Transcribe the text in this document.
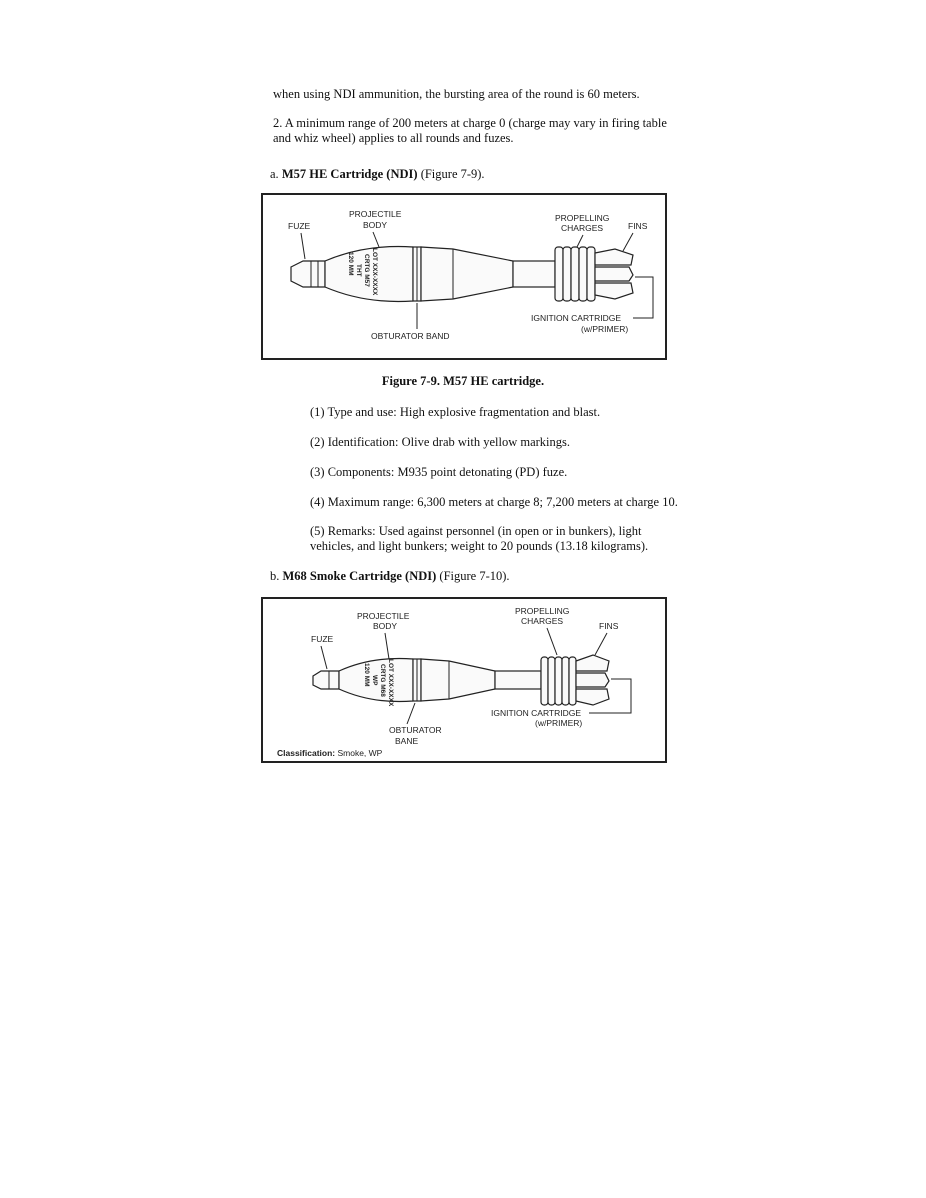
when using NDI ammunition, the bursting area of the round is 60 meters.

2. A minimum range of 200 meters at charge 0 (charge may vary in firing table

and whiz wheel) applies to all rounds and fuzes.

a. M57 HE Cartridge (NDI) (Figure 7-9).

120 MM THT CRTG M57 LOT XXX-XXXX
FUZE
PROJECTILE
BODY
PROPELLING
CHARGES	FINS
IGNITION CARTRIDGE
(w/PRIMER)
OBTURATOR BAND
Figure 7-9. M57 HE cartridge.

(1) Type and use: High explosive fragmentation and blast.

(2) Identification: Olive drab with yellow markings.

(3) Components: M935 point detonating (PD) fuze.

(4) Maximum range: 6,300 meters at charge 8; 7,200 meters at charge 10.

(5) Remarks: Used against personnel (in open or in bunkers), light

vehicles, and light bunkers; weight to 20 pounds (13.18 kilograms).

b. M68 Smoke Cartridge (NDI) (Figure 7-10).

120 MM WP CRTG M68 LOT XXX-XXXX
FUZE
PROJECTILE
BODY
PROPELLING
CHARGES	FINS
IGNITION CARTRIDGE
(w/PRIMER)
OBTURATOR
BANE
Classification: Smoke, WP
